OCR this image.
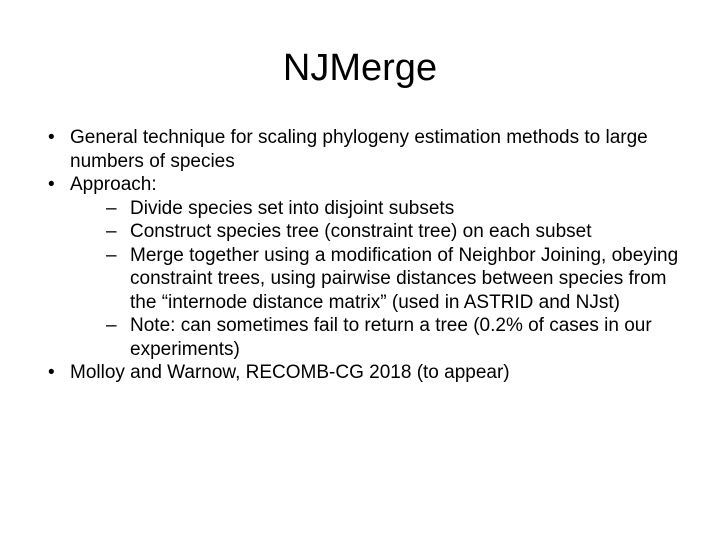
NJMerge
• General technique for scaling phylogeny estimation methods to large numbers of species
• Approach:
– Divide species set into disjoint subsets
– Construct species tree (constraint tree) on each subset
– Merge together using a modification of Neighbor Joining, obeying constraint trees, using pairwise distances between species from the “internode distance matrix” (used in ASTRID and NJst)
– Note: can sometimes fail to return a tree (0.2% of cases in our experiments)
• Molloy and Warnow, RECOMB-CG 2018 (to appear)
